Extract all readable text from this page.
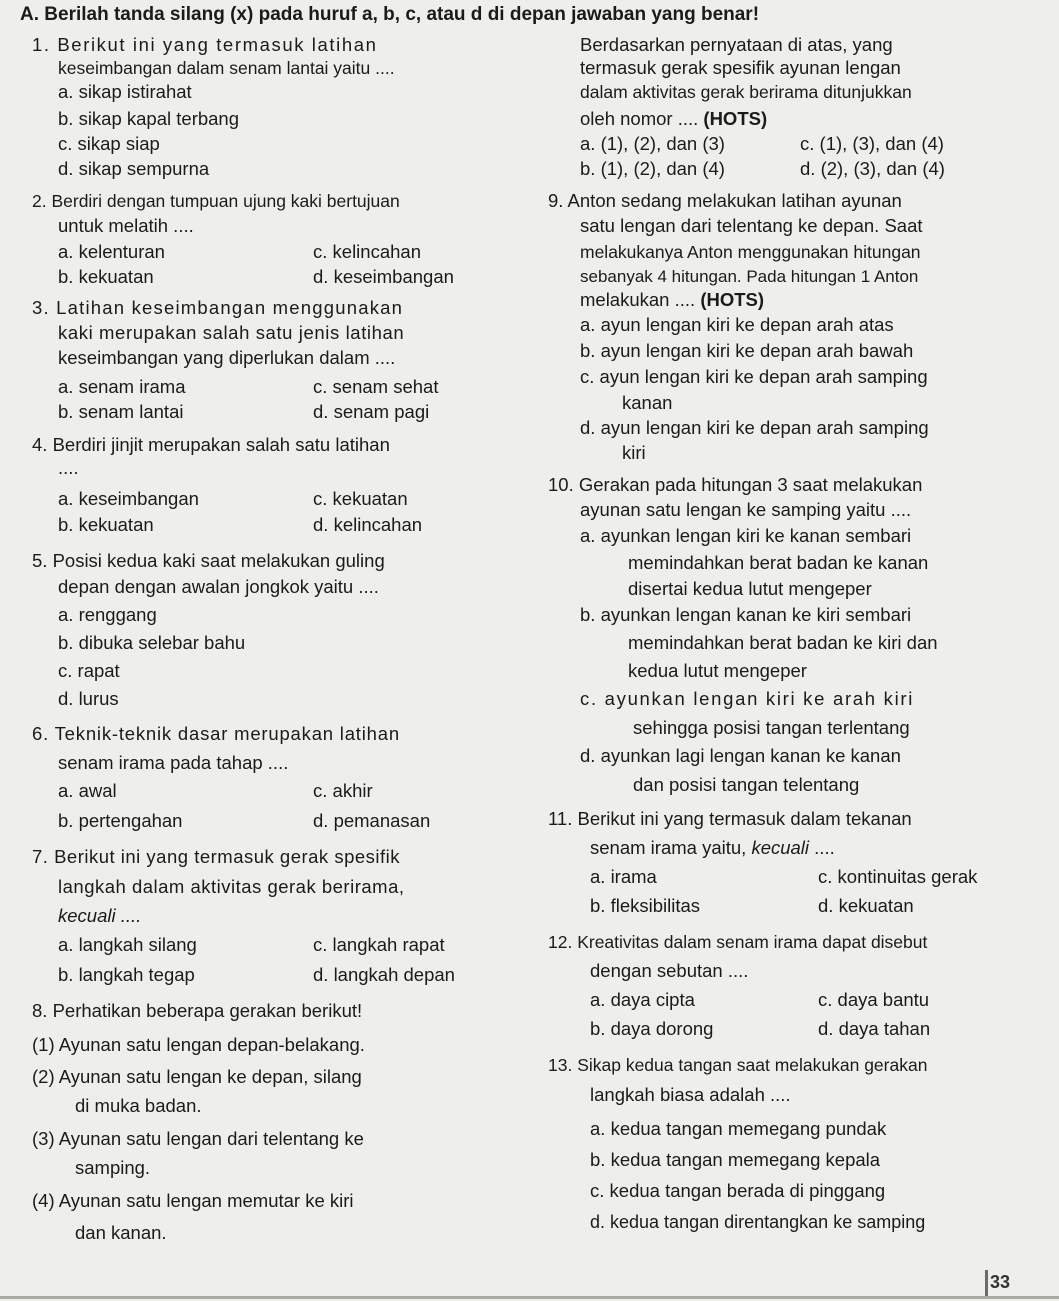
A. Berilah tanda silang (x) pada huruf a, b, c, atau d di depan jawaban yang benar!
1. Berikut ini yang termasuk latihan
keseimbangan dalam senam lantai yaitu ....
a. sikap istirahat
b. sikap kapal terbang
c. sikap siap
d. sikap sempurna
2. Berdiri dengan tumpuan ujung kaki bertujuan
untuk melatih ....
a. kelenturan	c. kelincahan
b. kekuatan	d. keseimbangan
3. Latihan keseimbangan menggunakan
kaki merupakan salah satu jenis latihan
keseimbangan yang diperlukan dalam ....
a. senam irama	c. senam sehat
b. senam lantai	d. senam pagi
4. Berdiri jinjit merupakan salah satu latihan
....
a. keseimbangan	c. kekuatan
b. kekuatan	d. kelincahan
5. Posisi kedua kaki saat melakukan guling
depan dengan awalan jongkok yaitu ....
a. renggang
b. dibuka selebar bahu
c. rapat
d. lurus
6. Teknik-teknik dasar merupakan latihan
senam irama pada tahap ....
a. awal	c. akhir
b. pertengahan	d. pemanasan
7. Berikut ini yang termasuk gerak spesifik
langkah dalam aktivitas gerak berirama,
kecuali ....
a. langkah silang	c. langkah rapat
b. langkah tegap	d. langkah depan
8. Perhatikan beberapa gerakan berikut!
(1) Ayunan satu lengan depan-belakang.
(2) Ayunan satu lengan ke depan, silang
di muka badan.
(3) Ayunan satu lengan dari telentang ke
samping.
(4) Ayunan satu lengan memutar ke kiri
dan kanan.
Berdasarkan pernyataan di atas, yang
termasuk gerak spesifik ayunan lengan
dalam aktivitas gerak berirama ditunjukkan
oleh nomor .... (HOTS)
a. (1), (2), dan (3)	c. (1), (3), dan (4)
b. (1), (2), dan (4)	d. (2), (3), dan (4)
9. Anton sedang melakukan latihan ayunan
satu lengan dari telentang ke depan. Saat
melakukanya Anton menggunakan hitungan
sebanyak 4 hitungan. Pada hitungan 1 Anton
melakukan .... (HOTS)
a. ayun lengan kiri ke depan arah atas
b. ayun lengan kiri ke depan arah bawah
c. ayun lengan kiri ke depan arah samping
kanan
d. ayun lengan kiri ke depan arah samping
kiri
10. Gerakan pada hitungan 3 saat melakukan
ayunan satu lengan ke samping yaitu ....
a. ayunkan lengan kiri ke kanan sembari
memindahkan berat badan ke kanan
disertai kedua lutut mengeper
b. ayunkan lengan kanan ke kiri sembari
memindahkan berat badan ke kiri dan
kedua lutut mengeper
c. ayunkan lengan kiri ke arah kiri
sehingga posisi tangan terlentang
d. ayunkan lagi lengan kanan ke kanan
dan posisi tangan telentang
11. Berikut ini yang termasuk dalam tekanan
senam irama yaitu, kecuali ....
a. irama	c. kontinuitas gerak
b. fleksibilitas	d. kekuatan
12. Kreativitas dalam senam irama dapat disebut
dengan sebutan ....
a. daya cipta	c. daya bantu
b. daya dorong	d. daya tahan
13. Sikap kedua tangan saat melakukan gerakan
langkah biasa adalah ....
a. kedua tangan memegang pundak
b. kedua tangan memegang kepala
c. kedua tangan berada di pinggang
d. kedua tangan direntangkan ke samping
33
